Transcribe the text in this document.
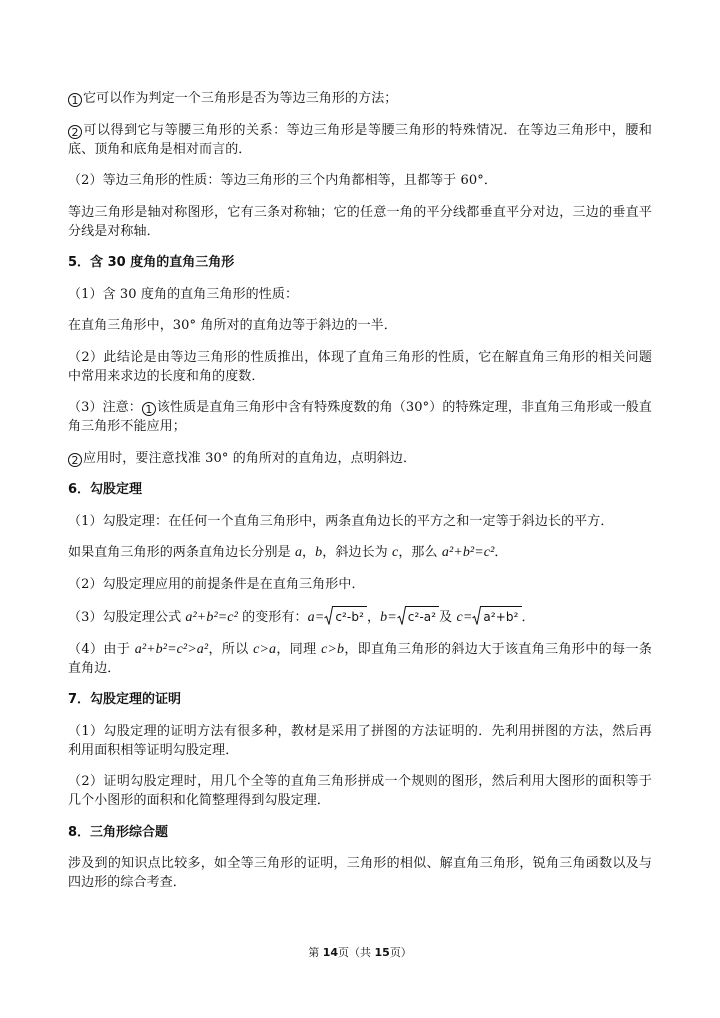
1 它可以作为判定一个三角形是否为等边三角形的方法；

2 可以得到它与等腰三角形的关系：等边三角形是等腰三角形的特殊情况．在等边三角形中，腰和底、顶角和底角是相对而言的．

（2）等边三角形的性质：等边三角形的三个内角都相等，且都等于 60°．

等边三角形是轴对称图形，它有三条对称轴；它的任意一角的平分线都垂直平分对边，三边的垂直平分线是对称轴．

5．含 30 度角的直角三角形

（1）含 30 度角的直角三角形的性质：

在直角三角形中，30° 角所对的直角边等于斜边的一半．

（2）此结论是由等边三角形的性质推出，体现了直角三角形的性质，它在解直角三角形的相关问题中常用来求边的长度和角的度数．

（3）注意： 1 该性质是直角三角形中含有特殊度数的角（30°）的特殊定理，非直角三角形或一般直角三角形不能应用；

2 应用时，要注意找准 30° 的角所对的直角边，点明斜边．

6．勾股定理

（1）勾股定理：在任何一个直角三角形中，两条直角边长的平方之和一定等于斜边长的平方．

如果直角三角形的两条直角边长分别是 a，b，斜边长为 c，那么 a²+b²=c²．

（2）勾股定理应用的前提条件是在直角三角形中．

（3）勾股定理公式 a²+b²=c² 的变形有：a= c²-b² ，b= c²-a² 及 c= a²+b² ．

（4）由于 a²+b²=c²>a²，所以 c>a，同理 c>b，即直角三角形的斜边大于该直角三角形中的每一条直角边．

7．勾股定理的证明

（1）勾股定理的证明方法有很多种，教材是采用了拼图的方法证明的．先利用拼图的方法，然后再利用面积相等证明勾股定理．

（2）证明勾股定理时，用几个全等的直角三角形拼成一个规则的图形，然后利用大图形的面积等于几个小图形的面积和化简整理得到勾股定理．

8．三角形综合题

涉及到的知识点比较多，如全等三角形的证明，三角形的相似、解直角三角形，锐角三角函数以及与四边形的综合考查．

第 14页（共 15页）
